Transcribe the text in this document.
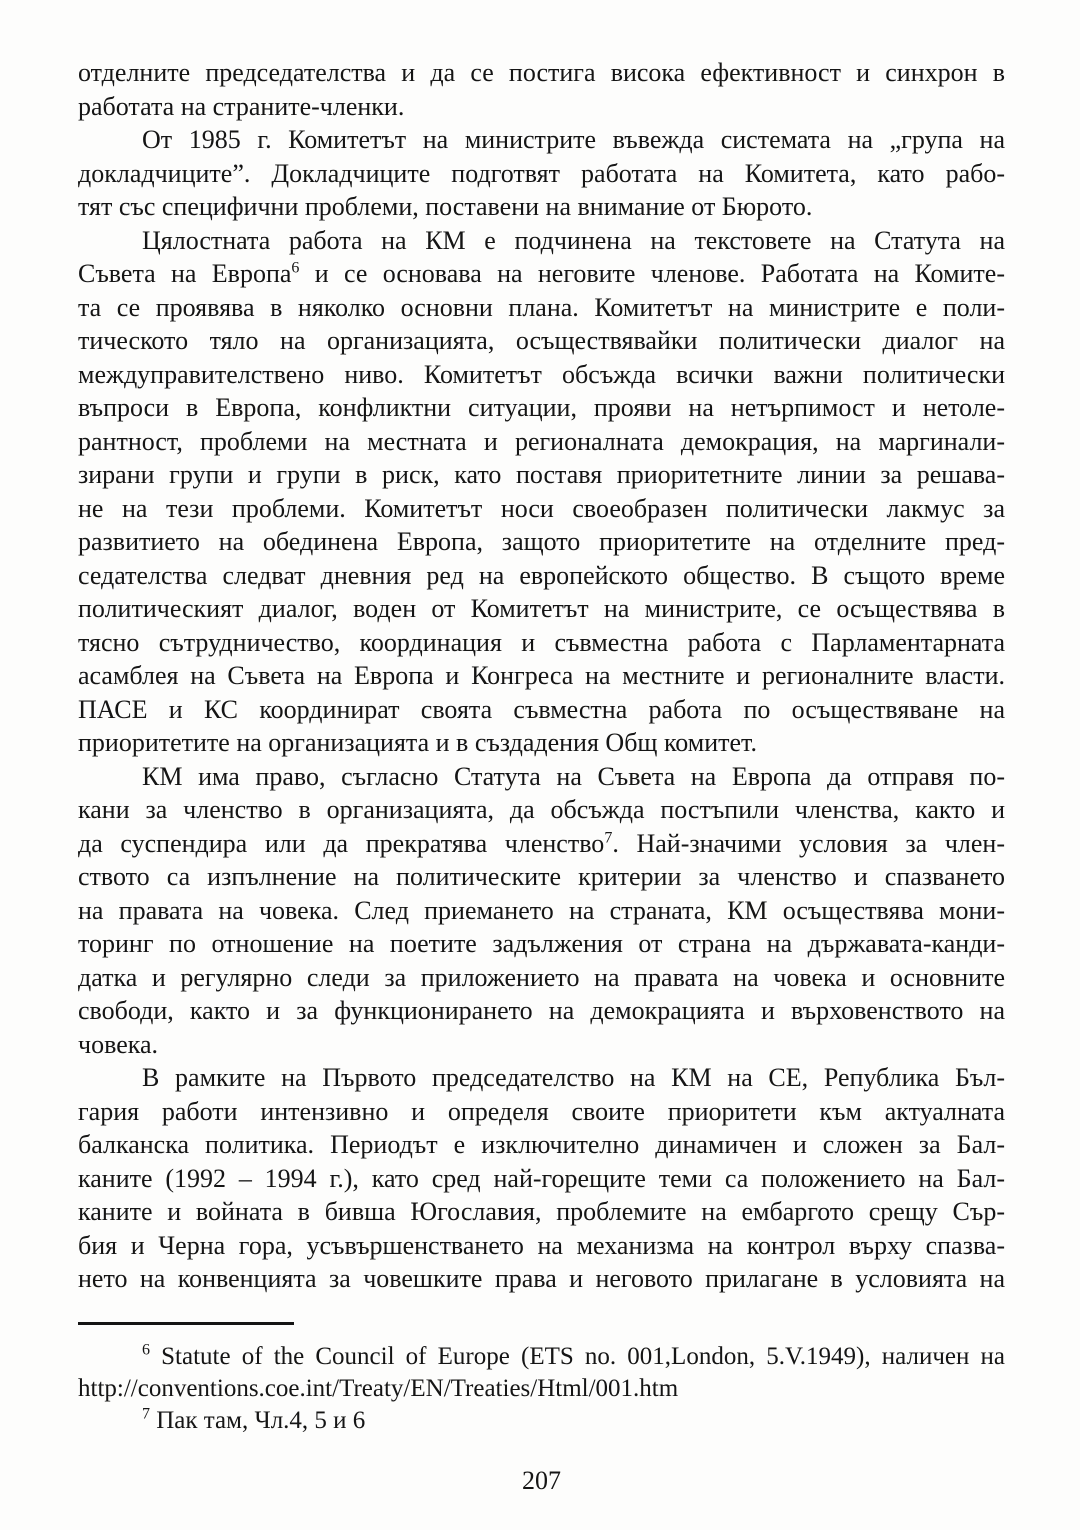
отделните председателства и да се постига висока ефективност и синхрон в
работата на страните-членки.
От 1985 г. Комитетът на министрите въвежда системата на „група на
докладчиците”. Докладчиците подготвят работата на Комитета, като рабо-
тят със специфични проблеми, поставени на внимание от Бюрото.
Цялостната работа на КМ е подчинена на текстовете на Статута на
Съвета на Европа$^6$ и се основава на неговите членове. Работата на Комите-
та се проявява в няколко основни плана. Комитетът на министрите е поли-
тическото тяло на организацията, осъществявайки политически диалог на
междуправителствено ниво. Комитетът обсъжда всички важни политически
въпроси в Европа, конфликтни ситуации, прояви на нетърпимост и нетоле-
рантност, проблеми на местната и регионалната демокрация, на маргинали-
зирани групи и групи в риск, като поставя приоритетните линии за решава-
не на тези проблеми. Комитетът носи своеобразен политически лакмус за
развитието на обединена Европа, защото приоритетите на отделните пред-
седателства следват дневния ред на европейското общество. В същото време
политическият диалог, воден от Комитетът на министрите, се осъществява в
тясно сътрудничество, координация и съвместна работа с Парламентарната
асамблея на Съвета на Европа и Конгреса на местните и регионалните власти.
ПАСЕ и КС координират своята съвместна работа по осъществяване на
приоритетите на организацията и в създадения Общ комитет.
КМ има право, съгласно Статута на Съвета на Европа да отправя по-
кани за членство в организацията, да обсъжда постъпили членства, както и
да суспендира или да прекратява членство$^7$. Най-значими условия за член-
ството са изпълнение на политическите критерии за членство и спазването
на правата на човека. След приемането на страната, КМ осъществява мони-
торинг по отношение на поетите задължения от страна на държавата-канди-
датка и регулярно следи за приложението на правата на човека и основните
свободи, както и за функционирането на демокрацията и върховенството на
човека.
В рамките на Първото председателство на КМ на СЕ, Република Бъл-
гария работи интензивно и определя своите приоритети към актуалната
балканска политика. Периодът е изключително динамичен и сложен за Бал-
каните (1992 – 1994 г.), като сред най-горещите теми са положението на Бал-
каните и войната в бивша Югославия, проблемите на ембаргото срещу Сър-
бия и Черна гора, усъвършенстването на механизма на контрол върху спазва-
нето на конвенцията за човешките права и неговото прилагане в условията на
$^6$ Statute of the Council of Europe (ETS no. 001,London, 5.V.1949), наличен на
http://conventions.coe.int/Treaty/EN/Treaties/Html/001.htm
$^7$ Пак там, Чл.4, 5 и 6
207
